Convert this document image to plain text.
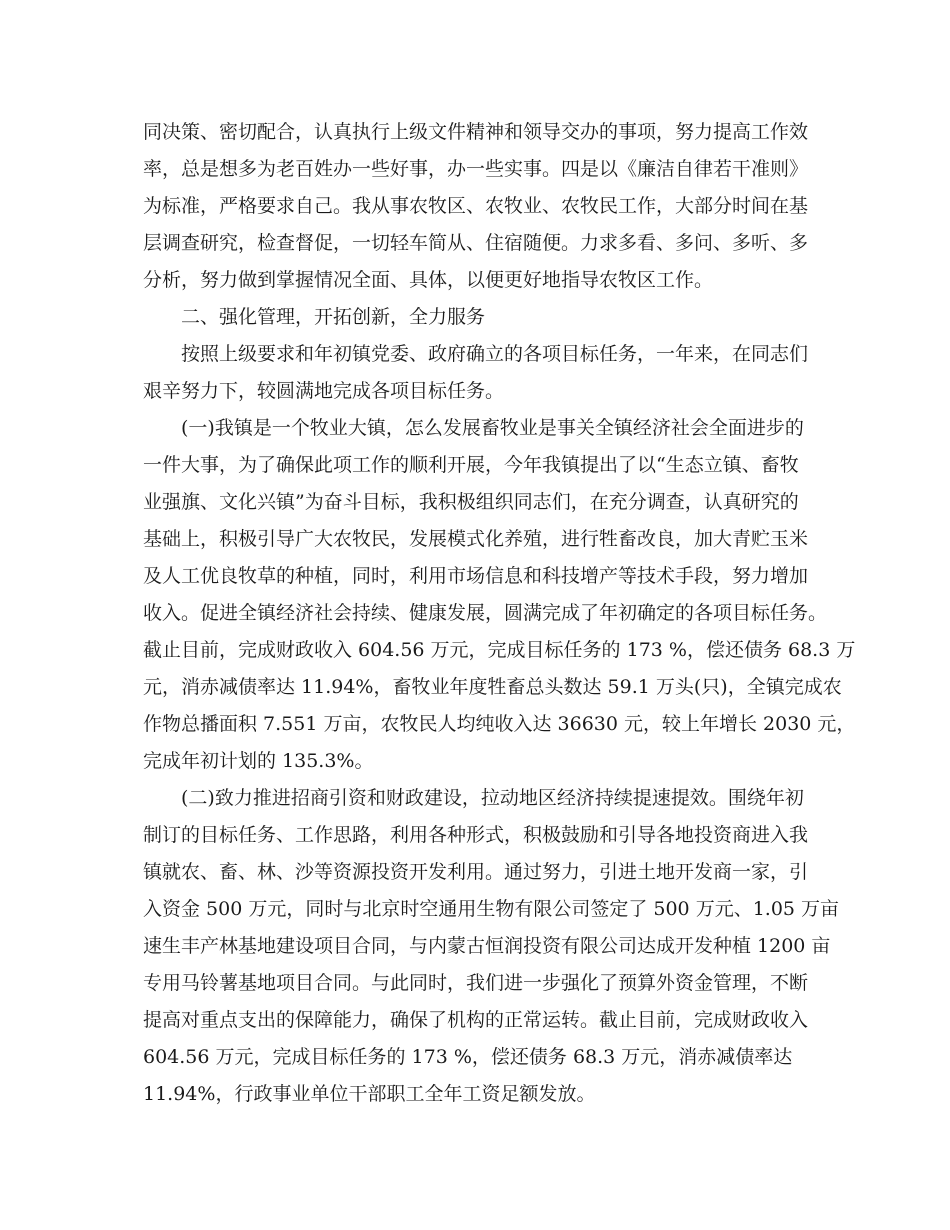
同决策、密切配合，认真执行上级文件精神和领导交办的事项，努力提高工作效
率，总是想多为老百姓办一些好事，办一些实事。四是以《廉洁自律若干准则》
为标准，严格要求自己。我从事农牧区、农牧业、农牧民工作，大部分时间在基
层调查研究，检查督促，一切轻车简从、住宿随便。力求多看、多问、多听、多
分析，努力做到掌握情况全面、具体，以便更好地指导农牧区工作。
二、强化管理，开拓创新，全力服务
按照上级要求和年初镇党委、政府确立的各项目标任务，一年来，在同志们
艰辛努力下，较圆满地完成各项目标任务。
(一)我镇是一个牧业大镇，怎么发展畜牧业是事关全镇经济社会全面进步的
一件大事，为了确保此项工作的顺利开展，今年我镇提出了以“生态立镇、畜牧
业强旗、文化兴镇”为奋斗目标，我积极组织同志们，在充分调查，认真研究的
基础上，积极引导广大农牧民，发展模式化养殖，进行牲畜改良，加大青贮玉米
及人工优良牧草的种植，同时，利用市场信息和科技增产等技术手段，努力增加
收入。促进全镇经济社会持续、健康发展，圆满完成了年初确定的各项目标任务。
截止目前，完成财政收入 604.56 万元，完成目标任务的 173 %，偿还债务 68.3 万
元，消赤减债率达 11.94%，畜牧业年度牲畜总头数达 59.1 万头(只)，全镇完成农
作物总播面积 7.551 万亩，农牧民人均纯收入达 36630 元，较上年增长 2030 元，
完成年初计划的 135.3%。
(二)致力推进招商引资和财政建设，拉动地区经济持续提速提效。围绕年初
制订的目标任务、工作思路，利用各种形式，积极鼓励和引导各地投资商进入我
镇就农、畜、林、沙等资源投资开发利用。通过努力，引进土地开发商一家，引
入资金 500 万元，同时与北京时空通用生物有限公司签定了 500 万元、1.05 万亩
速生丰产林基地建设项目合同，与内蒙古恒润投资有限公司达成开发种植 1200 亩
专用马铃薯基地项目合同。与此同时，我们进一步强化了预算外资金管理，不断
提高对重点支出的保障能力，确保了机构的正常运转。截止目前，完成财政收入
604.56 万元，完成目标任务的 173 %，偿还债务 68.3 万元，消赤减债率达
11.94%，行政事业单位干部职工全年工资足额发放。
